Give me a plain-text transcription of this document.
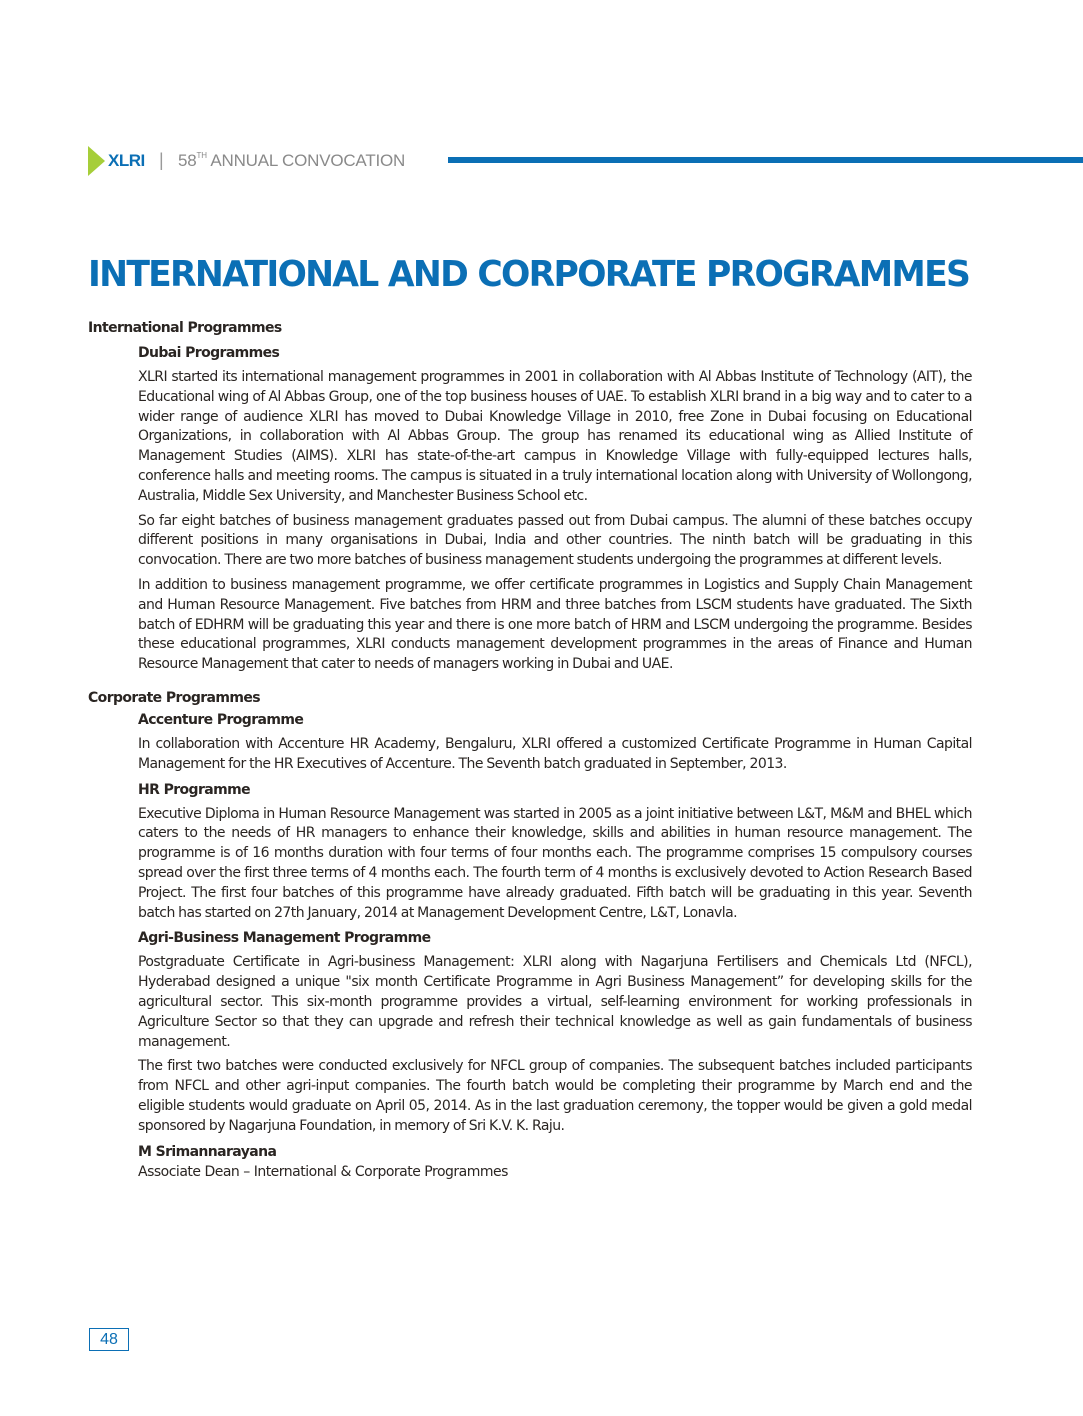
XLRI | 58TH ANNUAL CONVOCATION
INTERNATIONAL AND CORPORATE PROGRAMMES
International Programmes
Dubai Programmes

XLRI started its international management programmes in 2001 in collaboration with Al Abbas Institute of Technology (AIT), the Educational wing of Al Abbas Group, one of the top business houses of UAE. To establish XLRI brand in a big way and to cater to a wider range of audience XLRI has moved to Dubai Knowledge Village in 2010, free Zone in Dubai focusing on Educational Organizations, in collaboration with Al Abbas Group. The group has renamed its educational wing as Allied Institute of Management Studies (AIMS). XLRI has state-of-the-art campus in Knowledge Village with fully-equipped lectures halls, conference halls and meeting rooms. The campus is situated in a truly international location along with University of Wollongong, Australia, Middle Sex University, and Manchester Business School etc.

So far eight batches of business management graduates passed out from Dubai campus. The alumni of these batches occupy different positions in many organisations in Dubai, India and other countries. The ninth batch will be graduating in this convocation. There are two more batches of business management students undergoing the programmes at different levels.

In addition to business management programme, we offer certificate programmes in Logistics and Supply Chain Management and Human Resource Management. Five batches from HRM and three batches from LSCM students have graduated. The Sixth batch of EDHRM will be graduating this year and there is one more batch of HRM and LSCM undergoing the programme. Besides these educational programmes, XLRI conducts management development programmes in the areas of Finance and Human Resource Management that cater to needs of managers working in Dubai and UAE.

Corporate Programmes
Accenture Programme

In collaboration with Accenture HR Academy, Bengaluru, XLRI offered a customized Certificate Programme in Human Capital Management for the HR Executives of Accenture. The Seventh batch graduated in September, 2013.

HR Programme

Executive Diploma in Human Resource Management was started in 2005 as a joint initiative between L&T, M&M and BHEL which caters to the needs of HR managers to enhance their knowledge, skills and abilities in human resource management. The programme is of 16 months duration with four terms of four months each. The programme comprises 15 compulsory courses spread over the first three terms of 4 months each. The fourth term of 4 months is exclusively devoted to Action Research Based Project. The first four batches of this programme have already graduated. Fifth batch will be graduating in this year. Seventh batch has started on 27th January, 2014 at Management Development Centre, L&T, Lonavla.

Agri-Business Management Programme

Postgraduate Certificate in Agri-business Management: XLRI along with Nagarjuna Fertilisers and Chemicals Ltd (NFCL), Hyderabad designed a unique "six month Certificate Programme in Agri Business Management” for developing skills for the agricultural sector. This six-month programme provides a virtual, self-learning environment for working professionals in Agriculture Sector so that they can upgrade and refresh their technical knowledge as well as gain fundamentals of business management.

The first two batches were conducted exclusively for NFCL group of companies. The subsequent batches included participants from NFCL and other agri-input companies. The fourth batch would be completing their programme by March end and the eligible students would graduate on April 05, 2014. As in the last graduation ceremony, the topper would be given a gold medal sponsored by Nagarjuna Foundation, in memory of Sri K.V. K. Raju.

M Srimannarayana
Associate Dean – International & Corporate Programmes
48
